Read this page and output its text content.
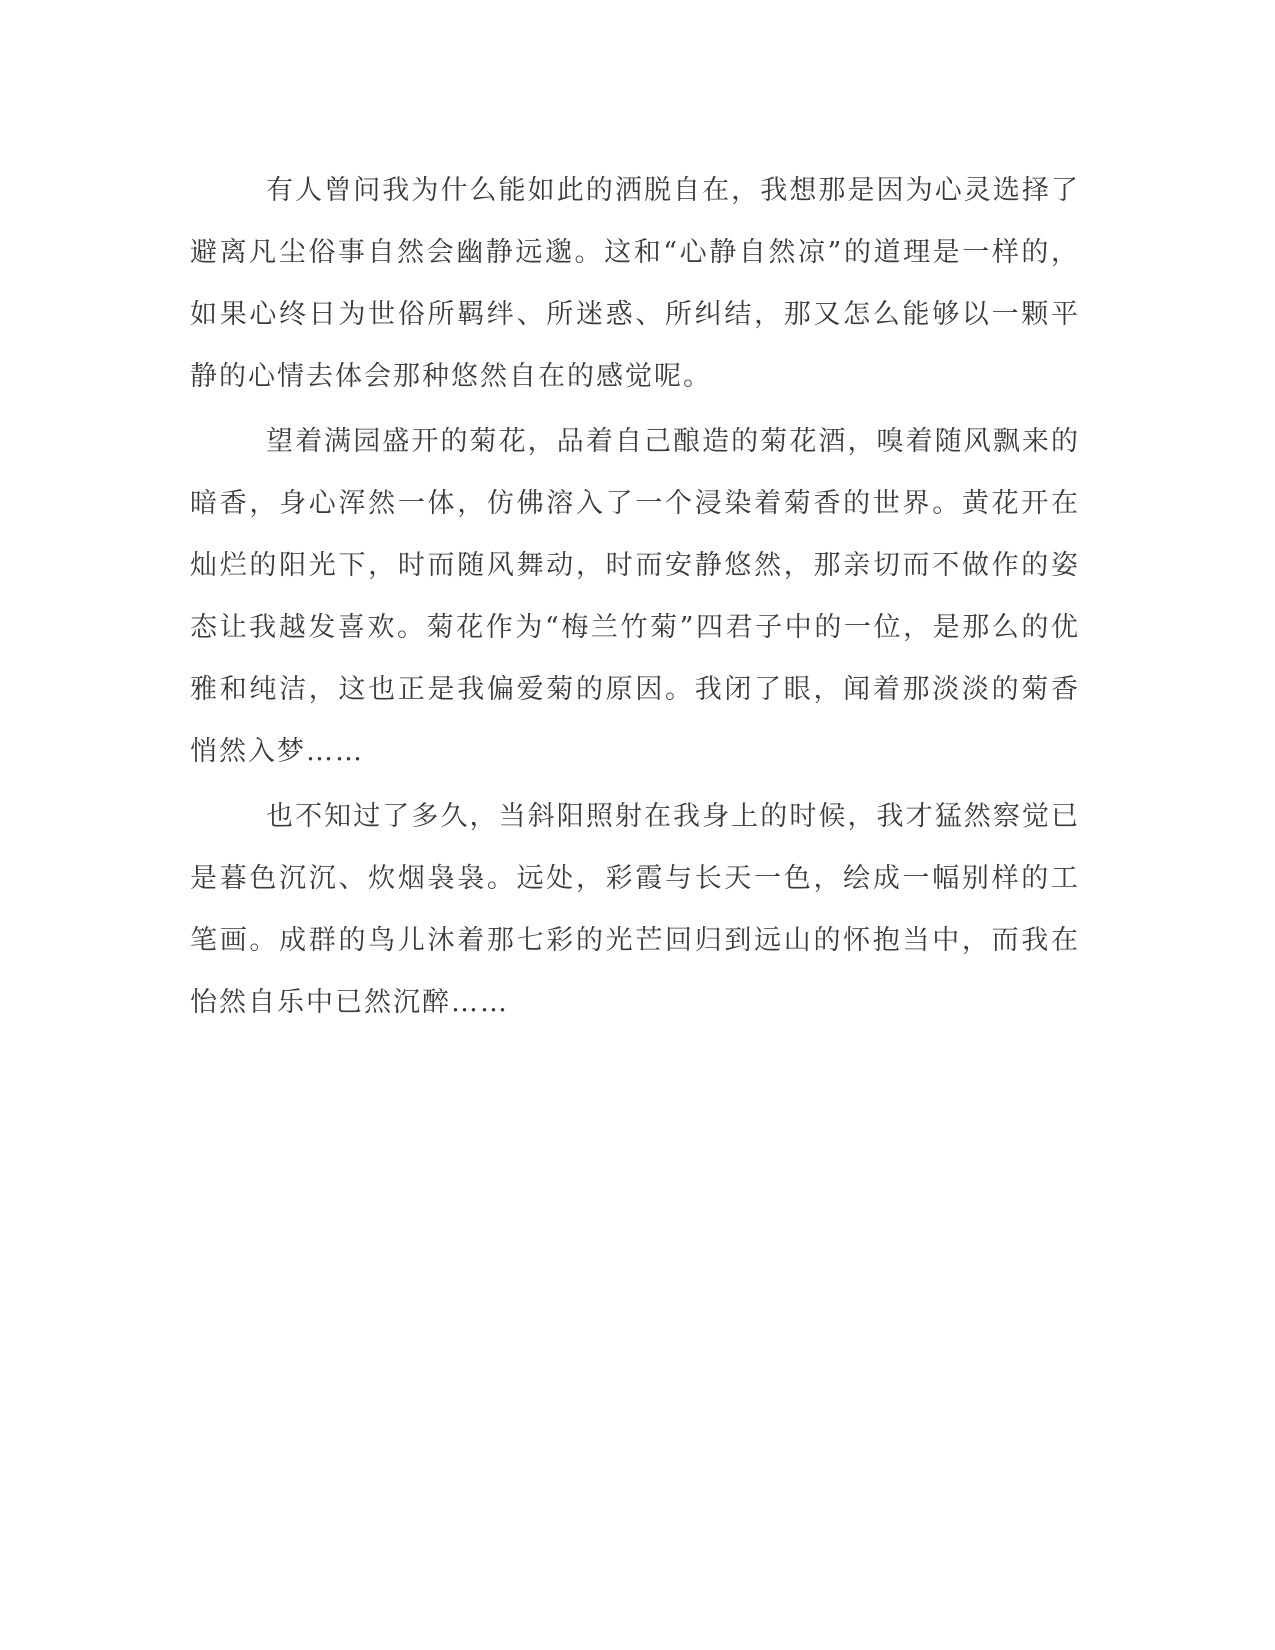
有人曾问我为什么能如此的洒脱自在，我想那是因为心灵选择了避离凡尘俗事自然会幽静远邈。这和“心静自然凉”的道理是一样的，如果心终日为世俗所羁绊、所迷惑、所纠结，那又怎么能够以一颗平静的心情去体会那种悠然自在的感觉呢。

望着满园盛开的菊花，品着自己酿造的菊花酒，嗅着随风飘来的暗香，身心浑然一体，仿佛溶入了一个浸染着菊香的世界。黄花开在灿烂的阳光下，时而随风舞动，时而安静悠然，那亲切而不做作的姿态让我越发喜欢。菊花作为“梅兰竹菊”四君子中的一位，是那么的优雅和纯洁，这也正是我偏爱菊的原因。我闭了眼，闻着那淡淡的菊香悄然入梦……

也不知过了多久，当斜阳照射在我身上的时候，我才猛然察觉已是暮色沉沉、炊烟袅袅。远处，彩霞与长天一色，绘成一幅别样的工笔画。成群的鸟儿沐着那七彩的光芒回归到远山的怀抱当中，而我在怡然自乐中已然沉醉……
